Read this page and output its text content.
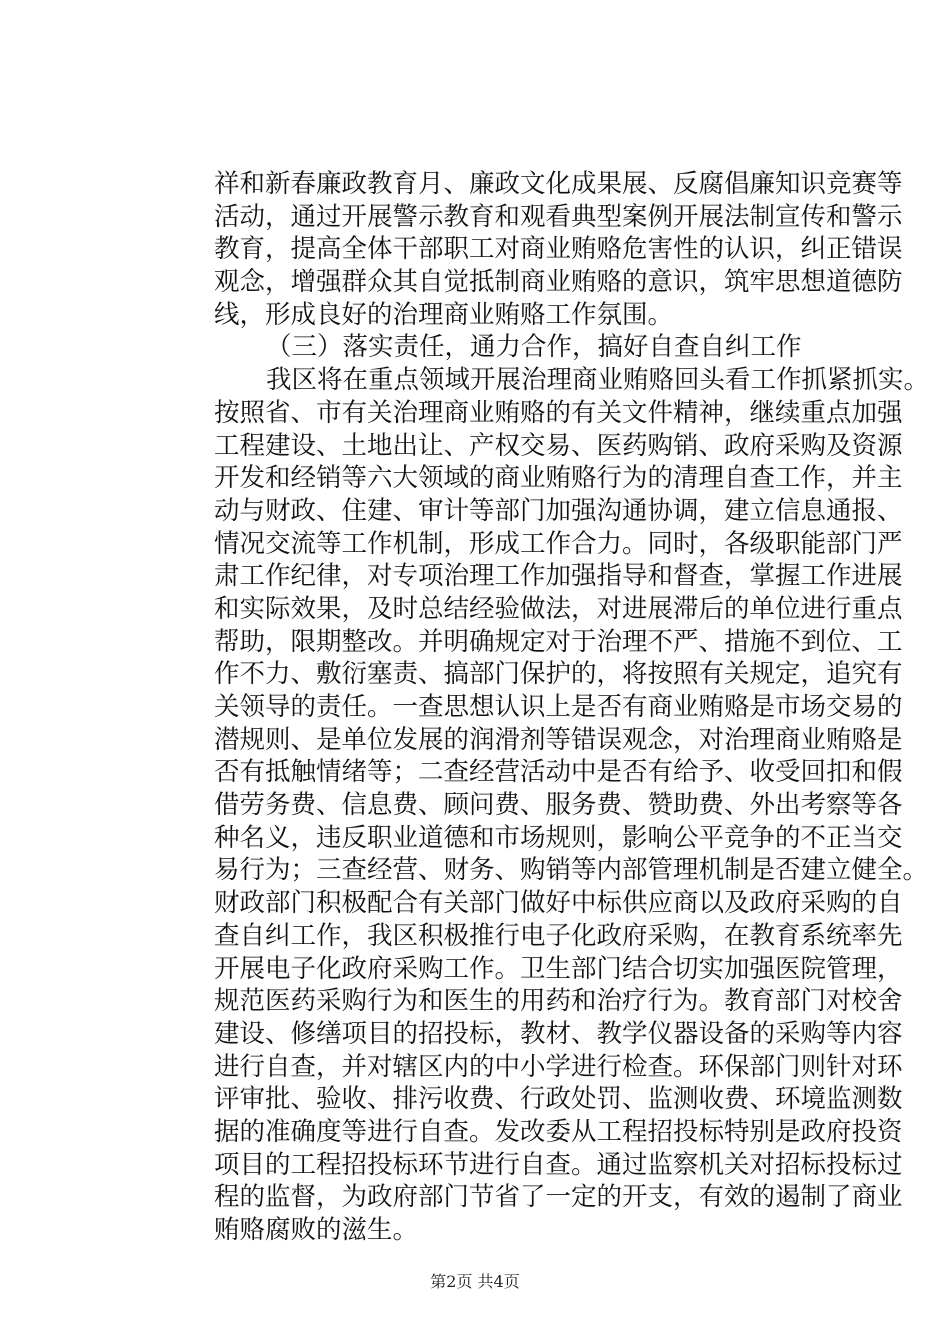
祥和新春廉政教育月、廉政文化成果展、反腐倡廉知识竞赛等
活动，通过开展警示教育和观看典型案例开展法制宣传和警示
教育，提高全体干部职工对商业贿赂危害性的认识，纠正错误
观念，增强群众其自觉抵制商业贿赂的意识，筑牢思想道德防
线，形成良好的治理商业贿赂工作氛围。
（三）落实责任，通力合作，搞好自查自纠工作
我区将在重点领域开展治理商业贿赂回头看工作抓紧抓实。
按照省、市有关治理商业贿赂的有关文件精神，继续重点加强
工程建设、土地出让、产权交易、医药购销、政府采购及资源
开发和经销等六大领域的商业贿赂行为的清理自查工作，并主
动与财政、住建、审计等部门加强沟通协调，建立信息通报、
情况交流等工作机制，形成工作合力。同时，各级职能部门严
肃工作纪律，对专项治理工作加强指导和督查，掌握工作进展
和实际效果，及时总结经验做法，对进展滞后的单位进行重点
帮助，限期整改。并明确规定对于治理不严、措施不到位、工
作不力、敷衍塞责、搞部门保护的，将按照有关规定，追究有
关领导的责任。一查思想认识上是否有商业贿赂是市场交易的
潜规则、是单位发展的润滑剂等错误观念，对治理商业贿赂是
否有抵触情绪等；二查经营活动中是否有给予、收受回扣和假
借劳务费、信息费、顾问费、服务费、赞助费、外出考察等各
种名义，违反职业道德和市场规则，影响公平竞争的不正当交
易行为；三查经营、财务、购销等内部管理机制是否建立健全。
财政部门积极配合有关部门做好中标供应商以及政府采购的自
查自纠工作，我区积极推行电子化政府采购，在教育系统率先
开展电子化政府采购工作。卫生部门结合切实加强医院管理，
规范医药采购行为和医生的用药和治疗行为。教育部门对校舍
建设、修缮项目的招投标，教材、教学仪器设备的采购等内容
进行自查，并对辖区内的中小学进行检查。环保部门则针对环
评审批、验收、排污收费、行政处罚、监测收费、环境监测数
据的准确度等进行自查。发改委从工程招投标特别是政府投资
项目的工程招投标环节进行自查。通过监察机关对招标投标过
程的监督，为政府部门节省了一定的开支，有效的遏制了商业
贿赂腐败的滋生。
第2页 共4页
